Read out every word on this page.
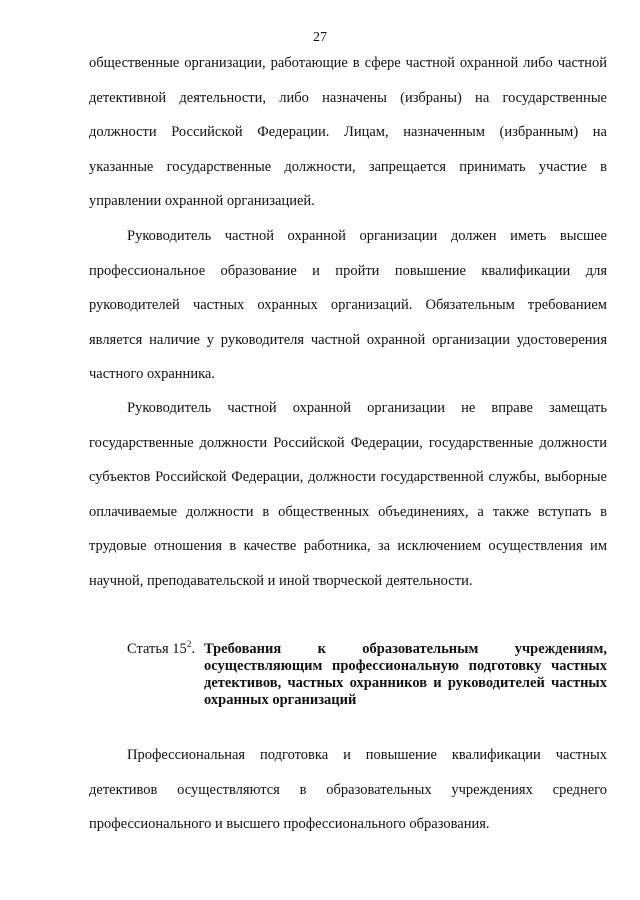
27

общественные организации, работающие в сфере частной охранной либо частной детективной деятельности, либо назначены (избраны) на государственные должности Российской Федерации. Лицам, назначенным (избранным) на указанные государственные должности, запрещается принимать участие в управлении охранной организацией.

Руководитель частной охранной организации должен иметь высшее профессиональное образование и пройти повышение квалификации для руководителей частных охранных организаций. Обязательным требованием является наличие у руководителя частной охранной организации удостоверения частного охранника.

Руководитель частной охранной организации не вправе замещать государственные должности Российской Федерации, государственные должности субъектов Российской Федерации, должности государственной службы, выборные оплачиваемые должности в общественных объединениях, а также вступать в трудовые отношения в качестве работника, за исключением осуществления им научной, преподавательской и иной творческой деятельности.

Статья $15^2$. Требования к образовательным учреждениям, осуществляющим профессиональную подготовку частных детективов, частных охранников и руководителей частных охранных организаций

Профессиональная подготовка и повышение квалификации частных детективов осуществляются в образовательных учреждениях среднего профессионального и высшего профессионального образования.
